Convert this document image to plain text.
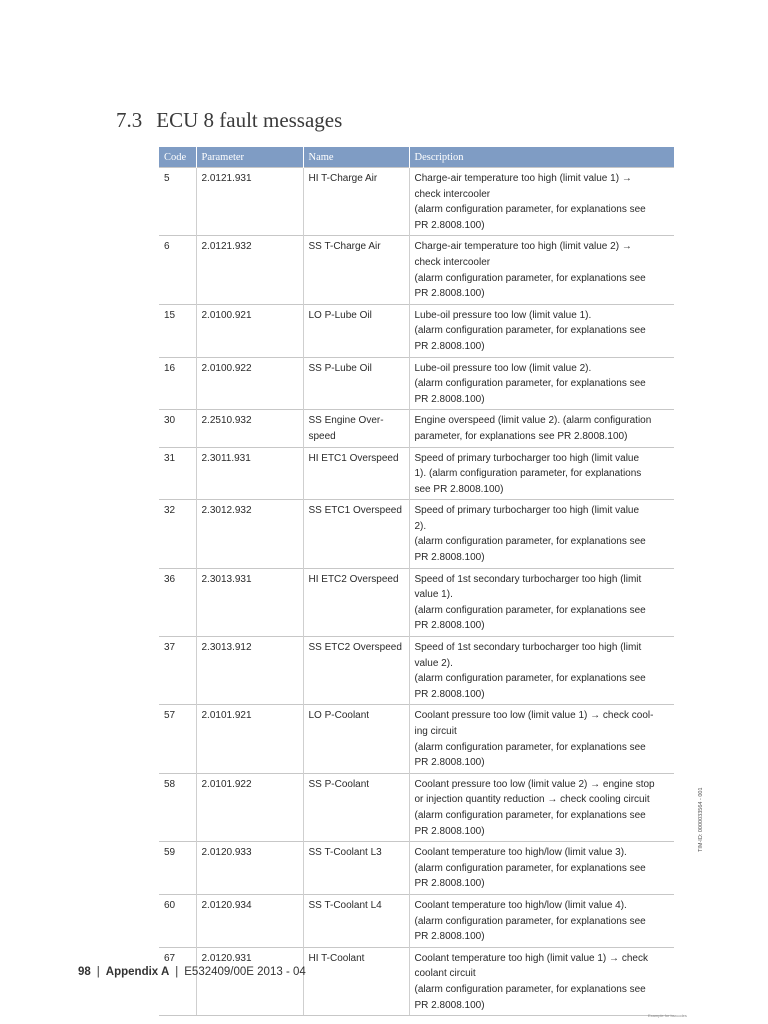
7.3 ECU 8 fault messages
Code	Parameter	Name	Description
5	2.0121.931	HI T-Charge Air	Charge-air temperature too high (limit value 1) →
check intercooler
(alarm configuration parameter, for explanations see
PR 2.8008.100)

6	2.0121.932	SS T-Charge Air	Charge-air temperature too high (limit value 2) →
check intercooler
(alarm configuration parameter, for explanations see
PR 2.8008.100)

15	2.0100.921	LO P-Lube Oil	Lube-oil pressure too low (limit value 1).
(alarm configuration parameter, for explanations see
PR 2.8008.100)

16	2.0100.922	SS P-Lube Oil	Lube-oil pressure too low (limit value 2).
(alarm configuration parameter, for explanations see
PR 2.8008.100)

30	2.2510.932	SS Engine Over-speed	Engine overspeed (limit value 2). (alarm configuration
parameter, for explanations see PR 2.8008.100)

31	2.3011.931	HI ETC1 Overspeed	Speed of primary turbocharger too high (limit value
1). (alarm configuration parameter, for explanations
see PR 2.8008.100)

32	2.3012.932	SS ETC1 Overspeed	Speed of primary turbocharger too high (limit value
2).
(alarm configuration parameter, for explanations see
PR 2.8008.100)

36	2.3013.931	HI ETC2 Overspeed	Speed of 1st secondary turbocharger too high (limit
value 1).
(alarm configuration parameter, for explanations see
PR 2.8008.100)

37	2.3013.912	SS ETC2 Overspeed	Speed of 1st secondary turbocharger too high (limit
value 2).
(alarm configuration parameter, for explanations see
PR 2.8008.100)

57	2.0101.921	LO P-Coolant	Coolant pressure too low (limit value 1) → check cool-
ing circuit
(alarm configuration parameter, for explanations see
PR 2.8008.100)

58	2.0101.922	SS P-Coolant	Coolant pressure too low (limit value 2) → engine stop
or injection quantity reduction → check cooling circuit
(alarm configuration parameter, for explanations see
PR 2.8008.100)

59	2.0120.933	SS T-Coolant L3	Coolant temperature too high/low (limit value 3).
(alarm configuration parameter, for explanations see
PR 2.8008.100)

60	2.0120.934	SS T-Coolant L4	Coolant temperature too high/low (limit value 4).
(alarm configuration parameter, for explanations see
PR 2.8008.100)

67	2.0120.931	HI T-Coolant	Coolant temperature too high (limit value 1) → check
coolant circuit
(alarm configuration parameter, for explanations see
PR 2.8008.100)
TIM-ID: 0000033564 - 001
98 | Appendix A | E532409/00E 2013 - 04
Example for barcodes
